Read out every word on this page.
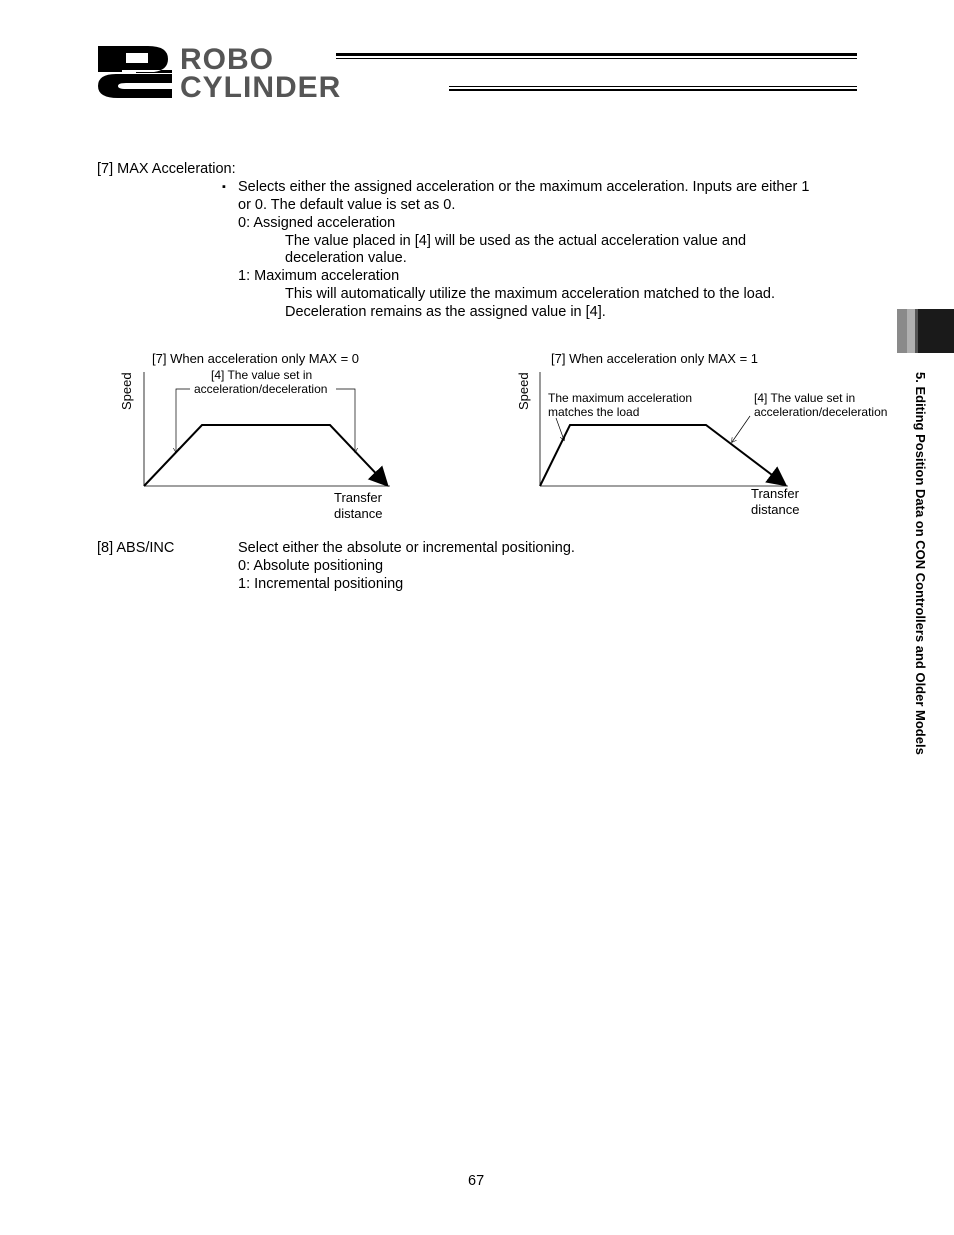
ROBO
CYLINDER
5. Editing Position Data on CON Controllers and Older Models
[7] MAX Acceleration:
▪ Selects either the assigned acceleration or the maximum acceleration. Inputs are either 1
or 0. The default value is set as 0.
0: Assigned acceleration
The value placed in [4] will be used as the actual acceleration value and
deceleration value.
1: Maximum acceleration
This will automatically utilize the maximum acceleration matched to the load.
Deceleration remains as the assigned value in [4].
[7] When acceleration only MAX = 0
Speed	[4] The value set in
acceleration/deceleration
Transfer
distance
[7] When acceleration only MAX = 1
Speed The maximum acceleration
matches the load
[4] The value set in
acceleration/deceleration
Transfer
distance
[8] ABS/INC	Select either the absolute or incremental positioning.
0: Absolute positioning
1: Incremental positioning
67
